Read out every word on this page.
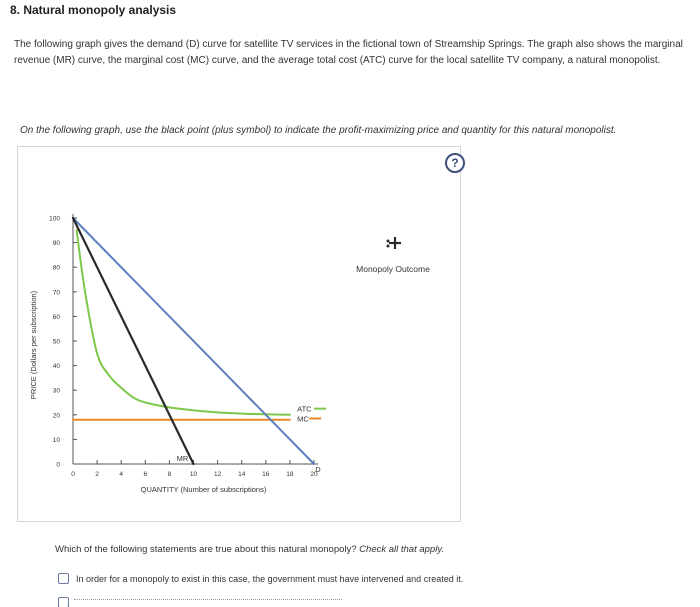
8. Natural monopoly analysis

The following graph gives the demand (D) curve for satellite TV services in the fictional town of Streamship Springs. The graph also shows the marginal revenue (MR) curve, the marginal cost (MC) curve, and the average total cost (ATC) curve for the local satellite TV company, a natural monopolist.

On the following graph, use the black point (plus symbol) to indicate the profit-maximizing price and quantity for this natural monopolist.

?
0
10
20
30
40
50
60
70
80
90
100
0	2	4	6	8	10	12	14	16	18	20
QUANTITY (Number of subscriptions)
PRICE (Dollars per subscription)
MR
D
ATC
MC
Monopoly Outcome

Which of the following statements are true about this natural monopoly? Check all that apply.

In order for a monopoly to exist in this case, the government must have intervened and created it.
